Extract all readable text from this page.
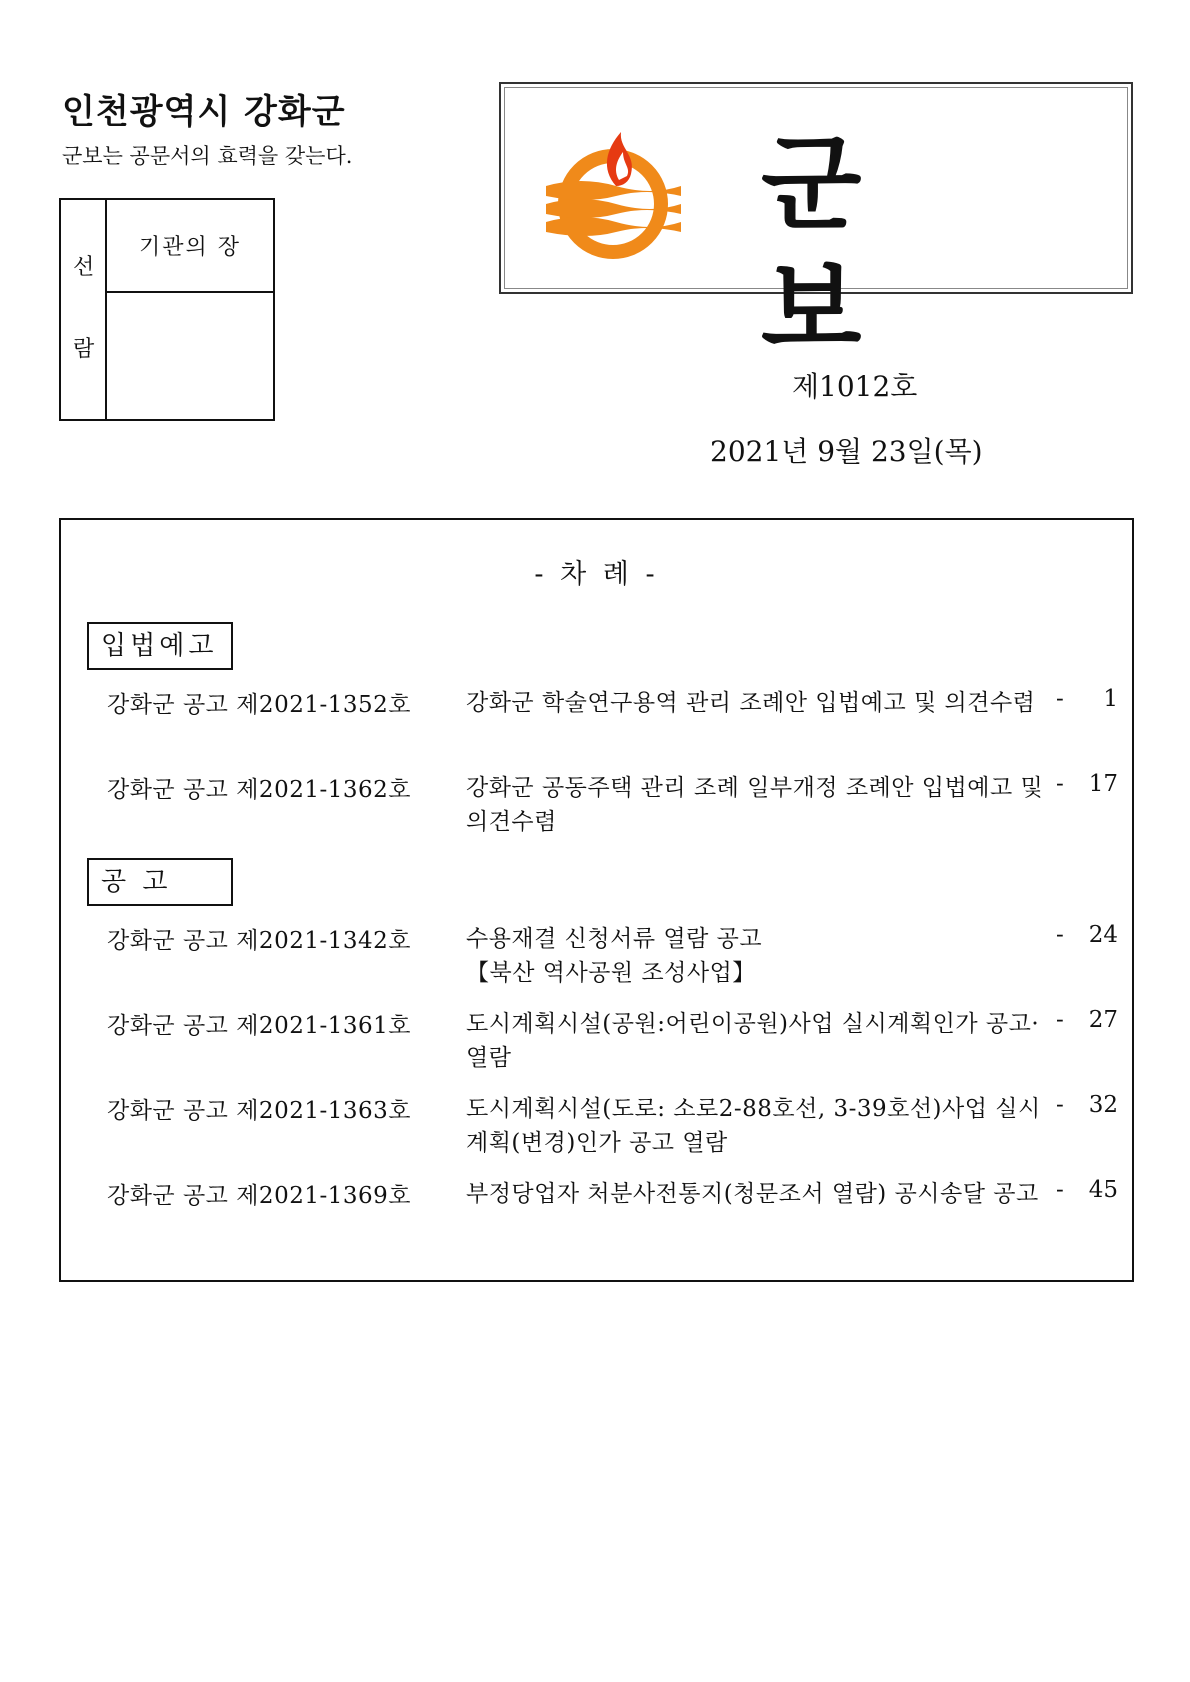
인천광역시 강화군
군보는 공문서의 효력을 갖는다.
선
람
기관의 장
군 보
제1012호
2021년 9월 23일(목)
- 차 례 -
입법예고
강화군 공고 제2021-1352호 강화군 학술연구용역 관리 조례안 입법예고 및 의견수렴 - 1
강화군 공고 제2021-1362호 강화군 공동주택 관리 조례 일부개정 조례안 입법예고 및 의견수렴
- 17
공 고
강화군 공고 제2021-1342호 수용재결 신청서류 열람 공고
【북산 역사공원 조성사업】
- 24
강화군 공고 제2021-1361호 도시계획시설(공원:어린이공원)사업 실시계획인가 공고·열람
- 27
강화군 공고 제2021-1363호 도시계획시설(도로: 소로2-88호선, 3-39호선)사업 실시계획(변경)인가 공고 열람
- 32
강화군 공고 제2021-1369호 부정당업자 처분사전통지(청문조서 열람) 공시송달 공고 - 45
